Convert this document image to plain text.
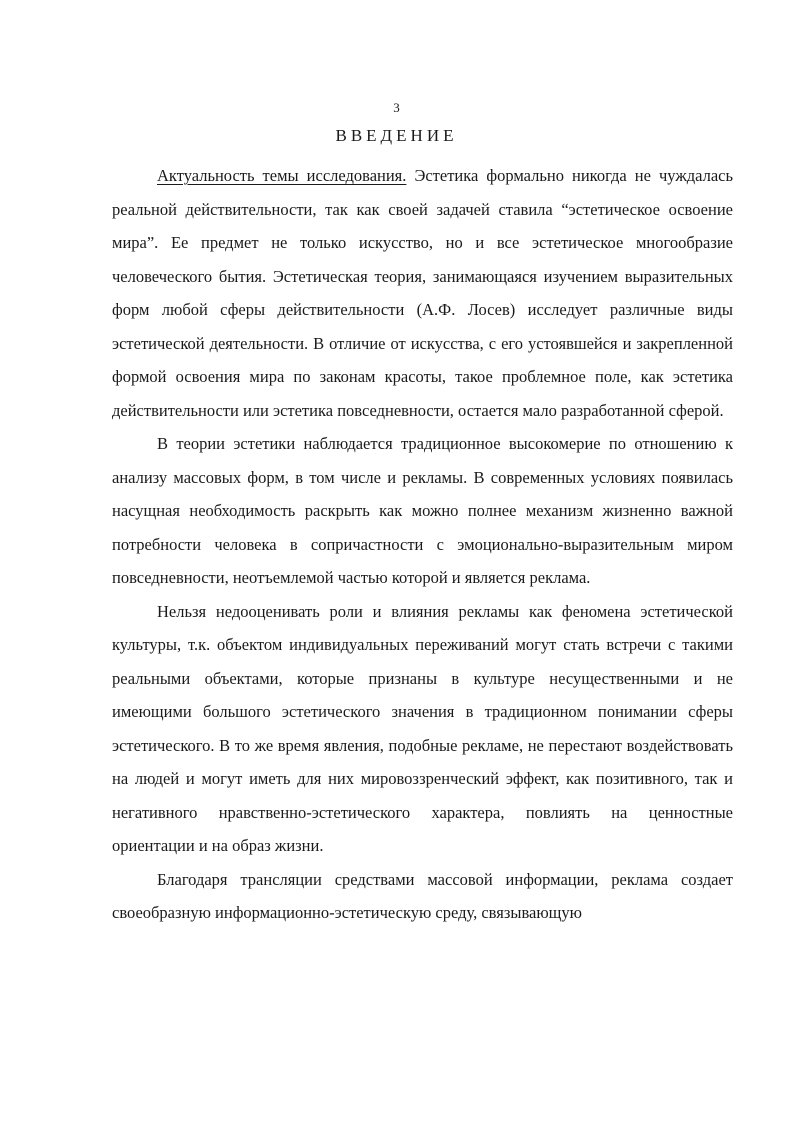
3
ВВЕДЕНИЕ

Актуальность темы исследования. Эстетика формально никогда не чуждалась реальной действительности, так как своей задачей ставила “эстетическое освоение мира”. Ее предмет не только искусство, но и все эстетическое многообразие человеческого бытия. Эстетическая теория, занимающаяся изучением выразительных форм любой сферы действительности (А.Ф. Лосев) исследует различные виды эстетической деятельности. В отличие от искусства, с его устоявшейся и закрепленной формой освоения мира по законам красоты, такое проблемное поле, как эстетика действительности или эстетика повседневности, остается мало разработанной сферой.

В теории эстетики наблюдается традиционное высокомерие по отношению к анализу массовых форм, в том числе и рекламы. В современных условиях появилась насущная необходимость раскрыть как можно полнее механизм жизненно важной потребности человека в сопричастности с эмоционально-выразительным миром повседневности, неотъемлемой частью которой и является реклама.

Нельзя недооценивать роли и влияния рекламы как феномена эстетической культуры, т.к. объектом индивидуальных переживаний могут стать встречи с такими реальными объектами, которые признаны в культуре несущественными и не имеющими большого эстетического значения в традиционном понимании сферы эстетического. В то же время явления, подобные рекламе, не перестают воздействовать на людей и могут иметь для них мировоззренческий эффект, как позитивного, так и негативного нравственно-эстетического характера, повлиять на ценностные ориентации и на образ жизни.

Благодаря трансляции средствами массовой информации, реклама создает своеобразную информационно-эстетическую среду, связывающую
